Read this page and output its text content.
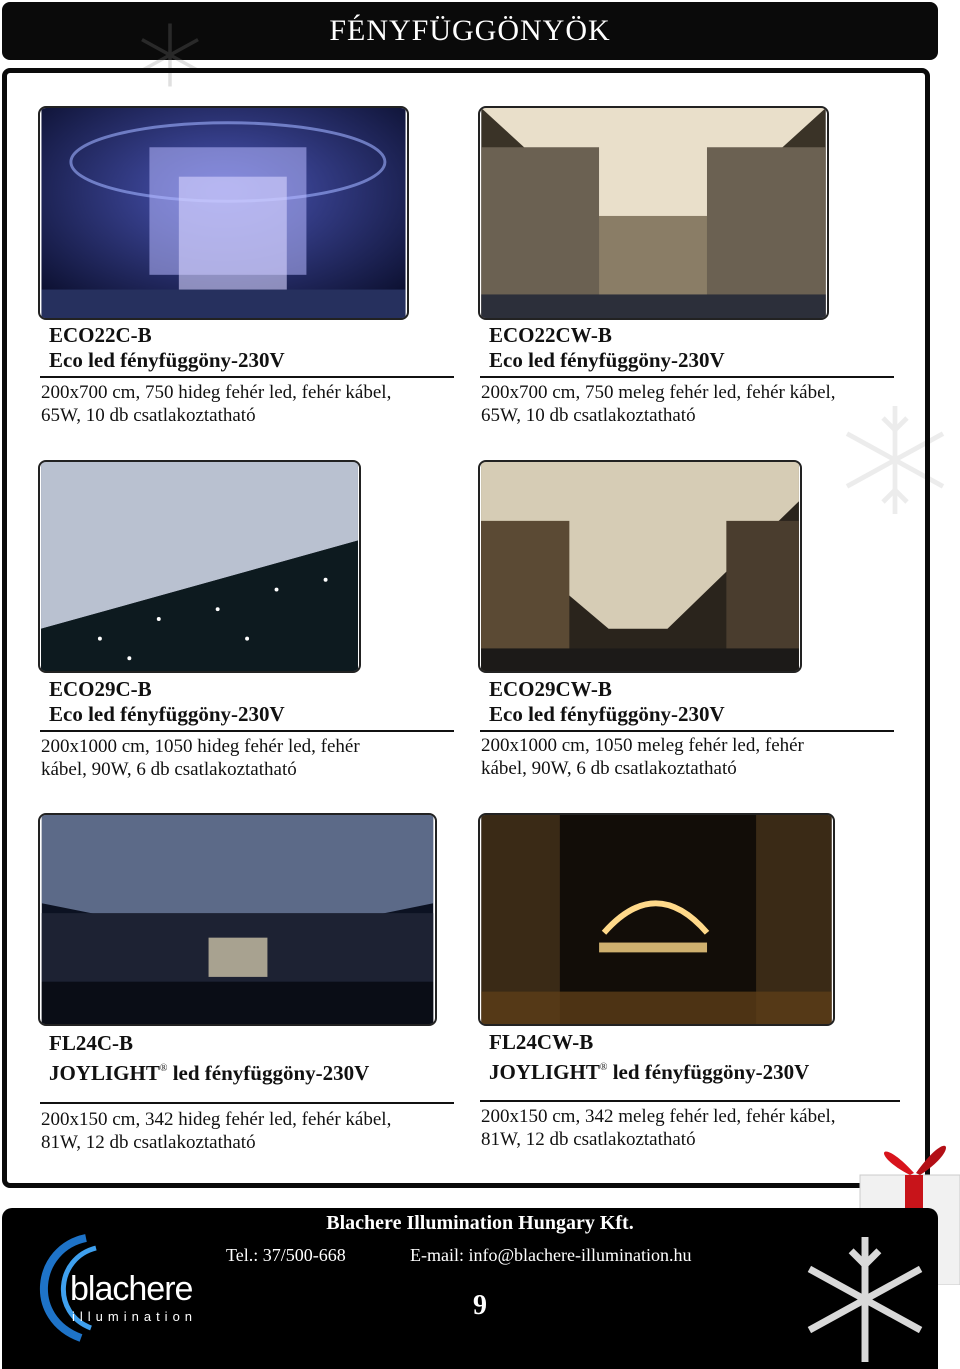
FÉNYFÜGGÖNYÖK
ECO22C-B
Eco led fényfüggöny-230V
200x700 cm, 750 hideg fehér led, fehér kábel,
65W, 10 db csatlakoztatható
ECO22CW-B
Eco led fényfüggöny-230V
200x700 cm, 750 meleg fehér led, fehér kábel,
65W, 10 db csatlakoztatható
ECO29C-B
Eco led fényfüggöny-230V
200x1000 cm, 1050 hideg fehér led, fehér
kábel, 90W, 6 db csatlakoztatható
ECO29CW-B
Eco led fényfüggöny-230V
200x1000 cm, 1050 meleg fehér led, fehér
kábel, 90W, 6 db csatlakoztatható
FL24C-B
JOYLIGHT® led fényfüggöny-230V
200x150 cm, 342 hideg fehér led, fehér kábel,
81W, 12 db csatlakoztatható
FL24CW-B
JOYLIGHT® led fényfüggöny-230V
200x150 cm, 342 meleg fehér led, fehér kábel,
81W, 12 db csatlakoztatható
blachere
illumination
Blachere Illumination Hungary Kft.
Tel.: 37/500-668	E-mail: info@blachere-illumination.hu
9
